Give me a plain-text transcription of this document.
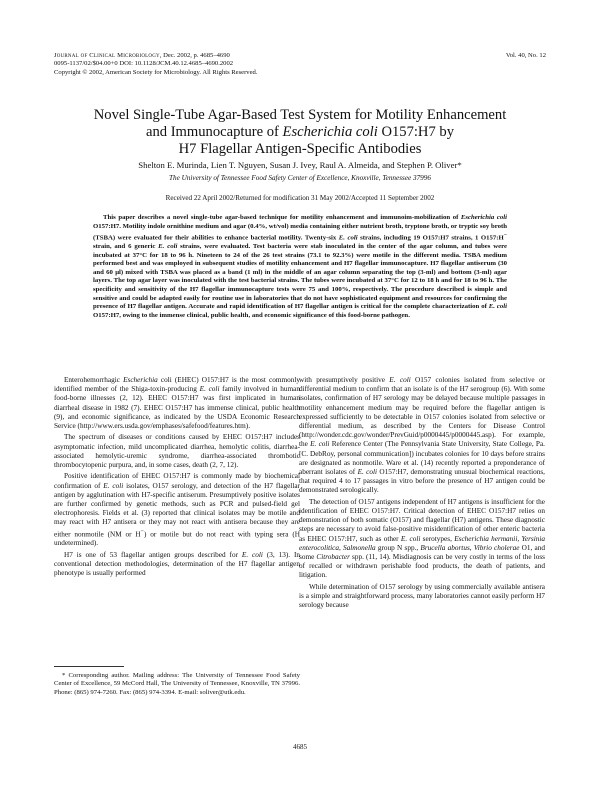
Journal of Clinical Microbiology, Dec. 2002, p. 4685–4690
0095-1137/02/$04.00+0 DOI: 10.1128/JCM.40.12.4685–4690.2002
Copyright © 2002, American Society for Microbiology. All Rights Reserved.
Vol. 40, No. 12
Novel Single-Tube Agar-Based Test System for Motility Enhancement
and Immunocapture of Escherichia coli O157:H7 by
H7 Flagellar Antigen-Specific Antibodies
Shelton E. Murinda, Lien T. Nguyen, Susan J. Ivey, Raul A. Almeida, and Stephen P. Oliver*
The University of Tennessee Food Safety Center of Excellence, Knoxville, Tennessee 37996
Received 22 April 2002/Returned for modification 31 May 2002/Accepted 11 September 2002
This paper describes a novel single-tube agar-based technique for motility enhancement and immunoim-mobilization of Escherichia coli O157:H7. Motility indole ornithine medium and agar (0.4%, wt/vol) media containing either nutrient broth, tryptone broth, or tryptic soy broth (TSBA) were evaluated for their abilities to enhance bacterial motility. Twenty-six E. coli strains, including 19 O157:H7 strains, 1 O157:H− strain, and 6 generic E. coli strains, were evaluated. Test bacteria were stab inoculated in the center of the agar column, and tubes were incubated at 37°C for 18 to 96 h. Nineteen to 24 of the 26 test strains (73.1 to 92.3%) were motile in the different media. TSBA medium performed best and was employed in subsequent studies of motility enhancement and H7 flagellar immunocapture. H7 flagellar antiserum (30 and 60 μl) mixed with TSBA was placed as a band (1 ml) in the middle of an agar column separating the top (3-ml) and bottom (3-ml) agar layers. The top agar layer was inoculated with the test bacterial strains. The tubes were incubated at 37°C for 12 to 18 h and for 18 to 96 h. The specificity and sensitivity of the H7 flagellar immunocapture tests were 75 and 100%, respectively. The procedure described is simple and sensitive and could be adapted easily for routine use in laboratories that do not have sophisticated equipment and resources for confirming the presence of H7 flagellar antigen. Accurate and rapid identification of H7 flagellar antigen is critical for the complete characterization of E. coli O157:H7, owing to the immense clinical, public health, and economic significance of this food-borne pathogen.

Enterohemorrhagic Escherichia coli (EHEC) O157:H7 is the most commonly identified member of the Shiga-toxin-producing E. coli family involved in human food-borne illnesses (2, 12). EHEC O157:H7 was first implicated in human diarrheal disease in 1982 (7). EHEC O157:H7 has immense clinical, public health (9), and economic significance, as indicated by the USDA Economic Research Service (http://www.ers.usda.gov/emphases/safefood/features.htm).

The spectrum of diseases or conditions caused by EHEC O157:H7 includes asymptomatic infection, mild uncomplicated diarrhea, hemolytic colitis, diarrhea-associated hemolytic-uremic syndrome, diarrhea-associated thrombotic thrombocytopenic purpura, and, in some cases, death (2, 7, 12).

Positive identification of EHEC O157:H7 is commonly made by biochemical confirmation of E. coli isolates, O157 serology, and detection of the H7 flagellar antigen by agglutination with H7-specific antiserum. Presumptively positive isolates are further confirmed by genetic methods, such as PCR and pulsed-field gel electrophoresis. Fields et al. (3) reported that clinical isolates may be motile and may react with H7 antisera or they may not react with antisera because they are either nonmotile (NM or H−) or motile but do not react with typing sera (H undetermined).

H7 is one of 53 flagellar antigen groups described for E. coli (3, 13). In conventional detection methodologies, determination of the H7 flagellar antigen phenotype is usually performed

with presumptively positive E. coli O157 colonies isolated from selective or differential medium to confirm that an isolate is of the H7 serogroup (6). With some isolates, confirmation of H7 serology may be delayed because multiple passages in motility enhancement medium may be required before the flagellar antigen is expressed sufficiently to be detectable in O157 colonies isolated from selective or differential medium, as described by the Centers for Disease Control (http://wonder.cdc.gov/wonder/PrevGuid/p0000445/p0000445.asp). For example, the E. coli Reference Center (The Pennsylvania State University, State College, Pa. [C. DebRoy, personal communication]) incubates colonies for 10 days before strains are designated as nonmotile. Ware et al. (14) recently reported a preponderance of aberrant isolates of E. coli O157:H7, demonstrating unusual biochemical reactions, that required 4 to 17 passages in vitro before the presence of H7 antigen could be demonstrated serologically.

The detection of O157 antigens independent of H7 antigens is insufficient for the identification of EHEC O157:H7. Critical detection of EHEC O157:H7 relies on demonstration of both somatic (O157) and flagellar (H7) antigens. These diagnostic steps are necessary to avoid false-positive misidentification of other enteric bacteria as EHEC O157:H7, such as other E. coli serotypes, Escherichia hermanii, Yersinia enterocolitica, Salmonella group N spp., Brucella abortus, Vibrio cholerae O1, and some Citrobacter spp. (11, 14). Misdiagnosis can be very costly in terms of the loss of recalled or withdrawn perishable food products, the death of patients, and litigation.

While determination of O157 serology by using commercially available antisera is a simple and straightforward process, many laboratories cannot easily perform H7 serology because

* Corresponding author. Mailing address: The University of Tennessee Food Safety Center of Excellence, 59 McCord Hall, The University of Tennessee, Knoxville, TN 37996. Phone: (865) 974-7260. Fax: (865) 974-3394. E-mail: soliver@utk.edu.
4685
